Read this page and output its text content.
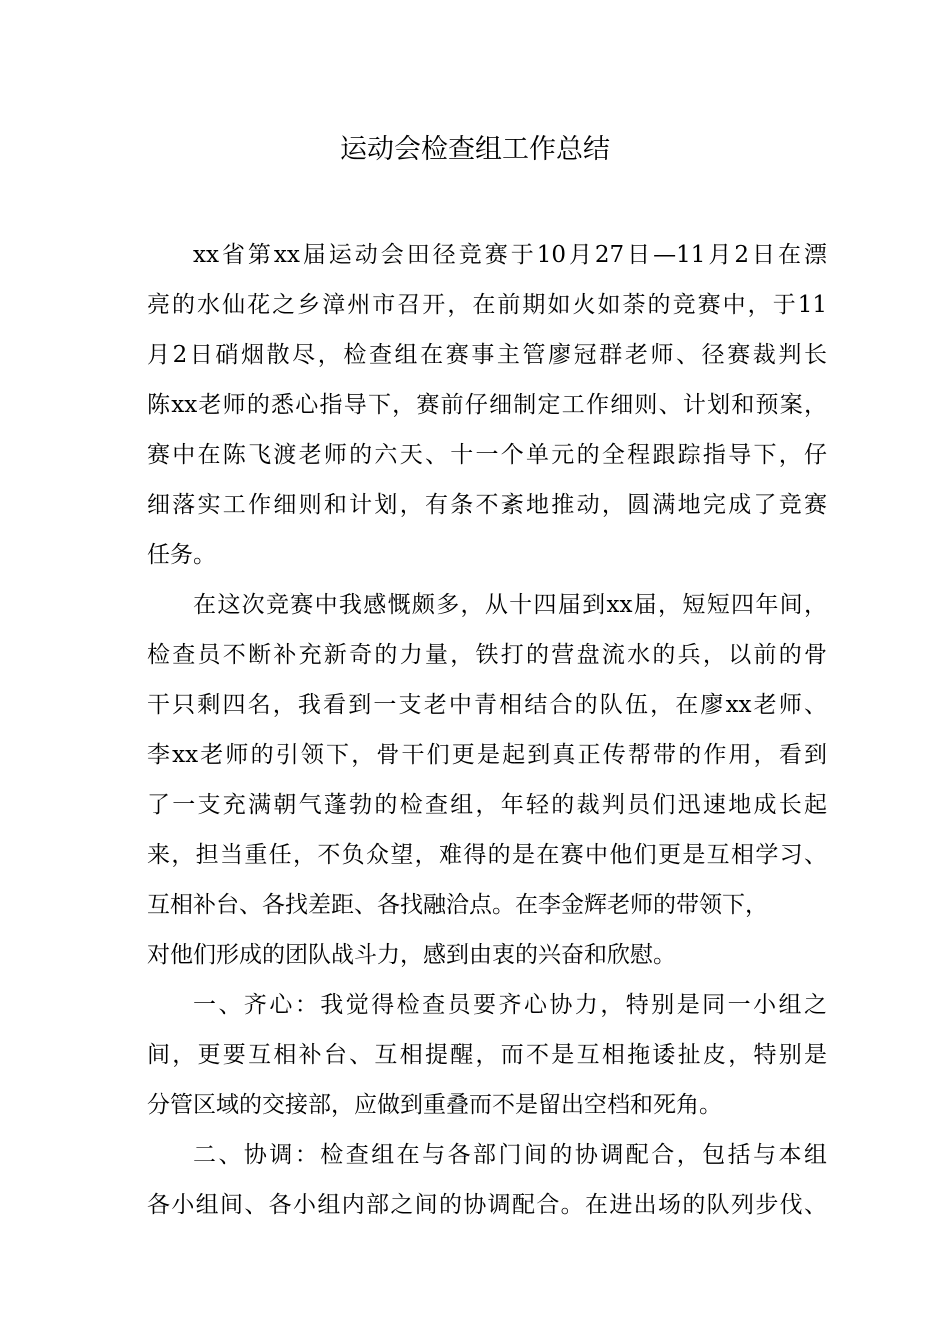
运动会检查组工作总结
xx省第xx届运动会田径竞赛于10月27日—11月2日在漂
亮的水仙花之乡漳州市召开，在前期如火如荼的竞赛中，于11
月2日硝烟散尽，检查组在赛事主管廖冠群老师、径赛裁判长
陈xx老师的悉心指导下，赛前仔细制定工作细则、计划和预案，
赛中在陈飞渡老师的六天、十一个单元的全程跟踪指导下，仔
细落实工作细则和计划，有条不紊地推动，圆满地完成了竞赛
任务。
在这次竞赛中我感慨颇多，从十四届到xx届，短短四年间，
检查员不断补充新奇的力量，铁打的营盘流水的兵，以前的骨
干只剩四名，我看到一支老中青相结合的队伍，在廖xx老师、
李xx老师的引领下，骨干们更是起到真正传帮带的作用，看到
了一支充满朝气蓬勃的检查组，年轻的裁判员们迅速地成长起
来，担当重任，不负众望，难得的是在赛中他们更是互相学习、
互相补台、各找差距、各找融洽点。在李金辉老师的带领下，
对他们形成的团队战斗力，感到由衷的兴奋和欣慰。
一、齐心：我觉得检查员要齐心协力，特别是同一小组之
间，更要互相补台、互相提醒，而不是互相拖诿扯皮，特别是
分管区域的交接部，应做到重叠而不是留出空档和死角。
二、协调：检查组在与各部门间的协调配合，包括与本组
各小组间、各小组内部之间的协调配合。在进出场的队列步伐、
